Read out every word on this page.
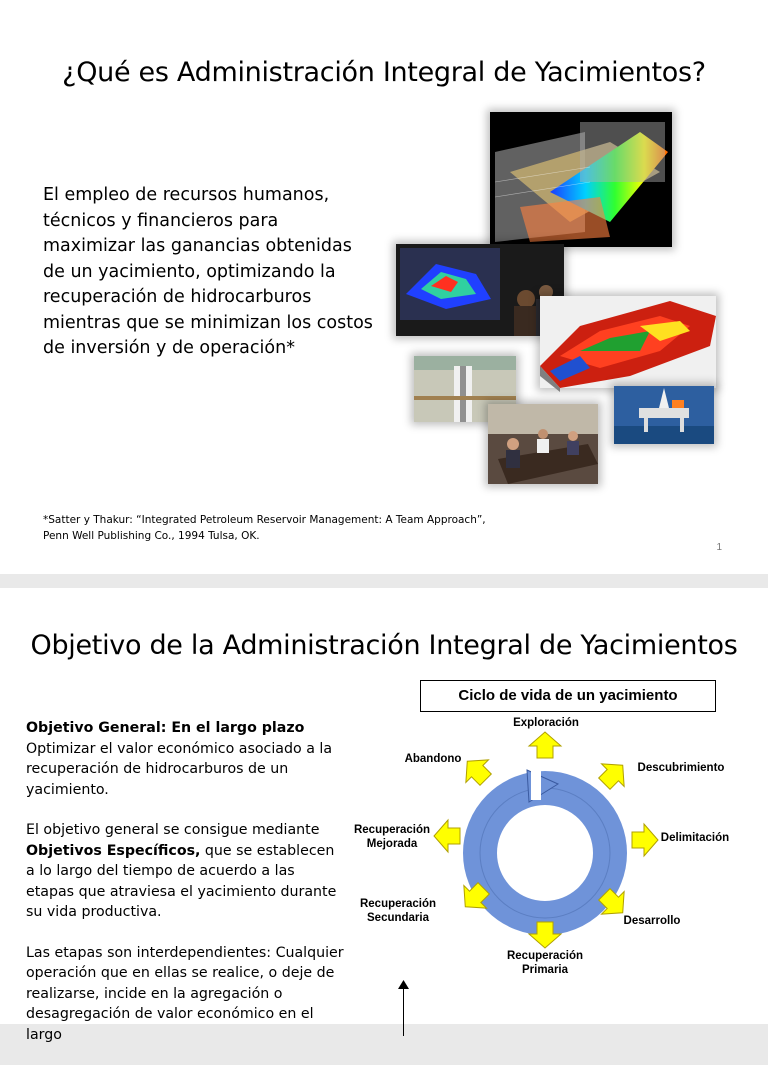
¿Qué es Administración Integral de Yacimientos?
El empleo de recursos humanos, técnicos y financieros para maximizar las ganancias obtenidas de un yacimiento, optimizando la recuperación de hidrocarburos mientras que se minimizan los costos de inversión y de operación*
*Satter y Thakur: “Integrated Petroleum Reservoir Management: A Team Approach”, Penn Well Publishing Co., 1994 Tulsa, OK.
1
Objetivo de la Administración Integral de Yacimientos

Objetivo General: En el largo plazo
Optimizar el valor económico asociado a la recuperación de hidrocarburos de un yacimiento.

El objetivo general se consigue mediante Objetivos Específicos, que se establecen a lo largo del tiempo de acuerdo a las etapas que atraviesa el yacimiento durante su vida productiva.

Las etapas son interdependientes: Cualquier operación que en ellas se realice, o deje de realizarse, incide en la agregación o desagregación de valor económico en el largo

Ciclo de vida de un yacimiento
Exploración
Descubrimiento
Delimitación
Desarrollo
Recuperación Primaria
Recuperación Secundaria
Recuperación Mejorada
Abandono
